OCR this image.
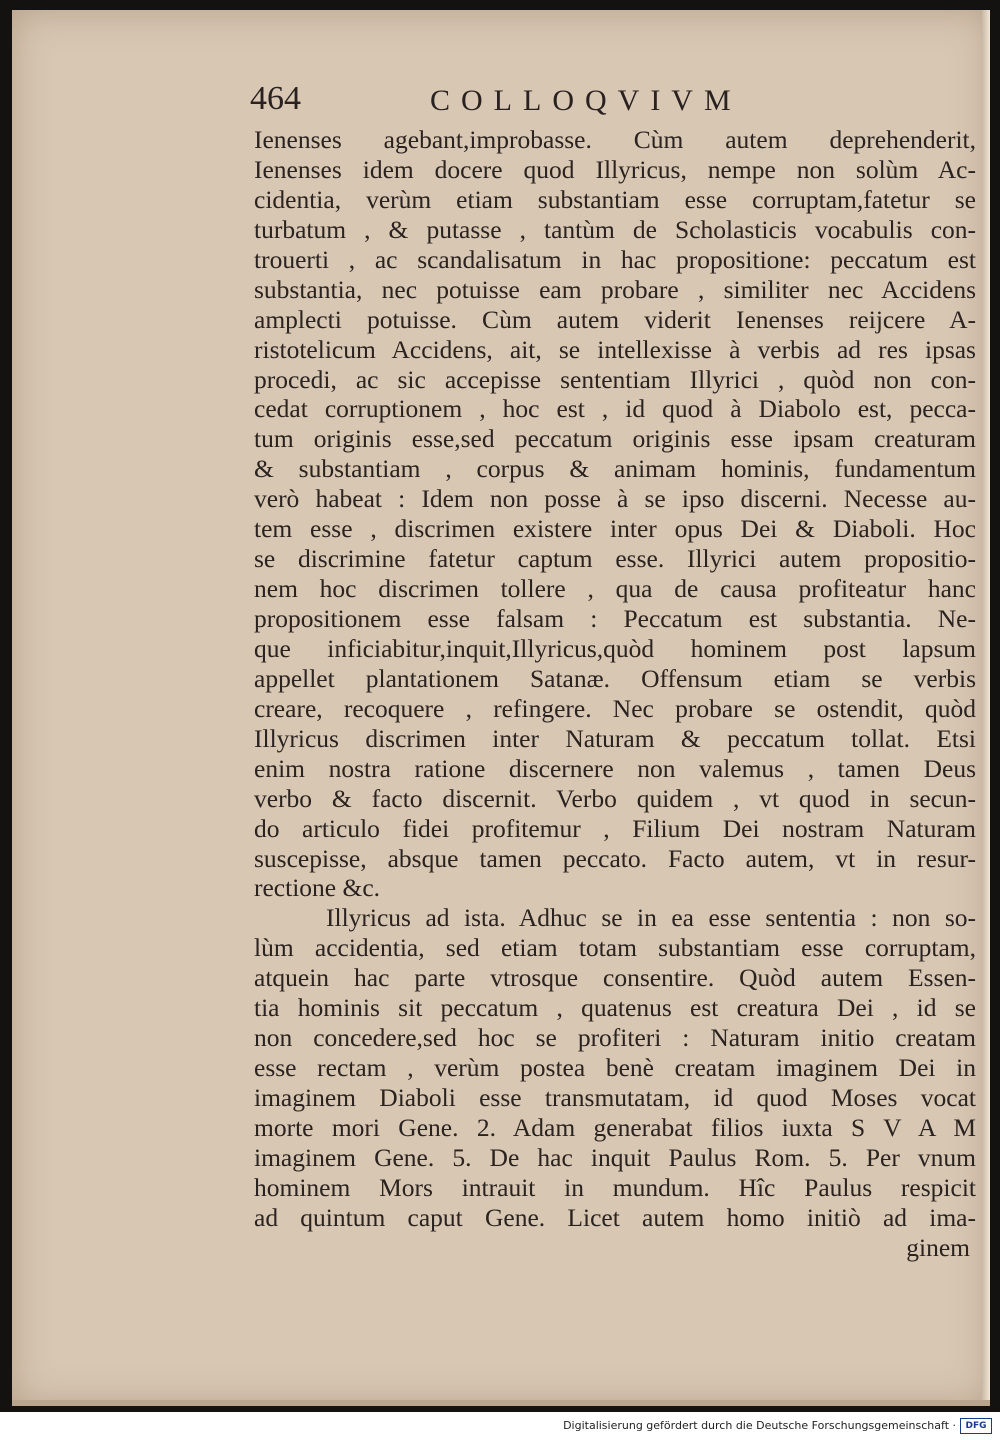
464	COLLOQVIVM
Ienenses agebant,improbasse. Cùm autem deprehenderit,
Ienenses idem docere quod Illyricus, nempe non solùm Ac-
cidentia, verùm etiam substantiam esse corruptam,fatetur se
turbatum , & putasse , tantùm de Scholasticis vocabulis con-
trouerti , ac scandalisatum in hac propositione: peccatum est
substantia, nec potuisse eam probare , similiter nec Accidens
amplecti potuisse. Cùm autem viderit Ienenses reijcere A-
ristotelicum Accidens, ait, se intellexisse à verbis ad res ipsas
procedi, ac sic accepisse sententiam Illyrici , quòd non con-
cedat corruptionem , hoc est , id quod à Diabolo est, pecca-
tum originis esse,sed peccatum originis esse ipsam creaturam
& substantiam , corpus & animam hominis, fundamentum
verò habeat : Idem non posse à se ipso discerni. Necesse au-
tem esse , discrimen existere inter opus Dei & Diaboli. Hoc
se discrimine fatetur captum esse. Illyrici autem propositio-
nem hoc discrimen tollere , qua de causa profiteatur hanc
propositionem esse falsam : Peccatum est substantia. Ne-
que inficiabitur,inquit,Illyricus,quòd hominem post lapsum
appellet plantationem Satanæ. Offensum etiam se verbis
creare, recoquere , refingere. Nec probare se ostendit, quòd
Illyricus discrimen inter Naturam & peccatum tollat. Etsi
enim nostra ratione discernere non valemus , tamen Deus
verbo & facto discernit. Verbo quidem , vt quod in secun-
do articulo fidei profitemur , Filium Dei nostram Naturam
suscepisse, absque tamen peccato. Facto autem, vt in resur-
rectione &c.
Illyricus ad ista. Adhuc se in ea esse sententia : non so-
lùm accidentia, sed etiam totam substantiam esse corruptam,
atquein hac parte vtrosque consentire. Quòd autem Essen-
tia hominis sit peccatum , quatenus est creatura Dei , id se
non concedere,sed hoc se profiteri : Naturam initio creatam
esse rectam , verùm postea benè creatam imaginem Dei in
imaginem Diaboli esse transmutatam, id quod Moses vocat
morte mori Gene. 2. Adam generabat filios iuxta S V A M
imaginem Gene. 5. De hac inquit Paulus Rom. 5. Per vnum
hominem Mors intrauit in mundum. Hîc Paulus respicit
ad quintum caput Gene. Licet autem homo initiò ad ima-
ginem
Digitalisierung gefördert durch die Deutsche Forschungsgemeinschaft ·	DFG
